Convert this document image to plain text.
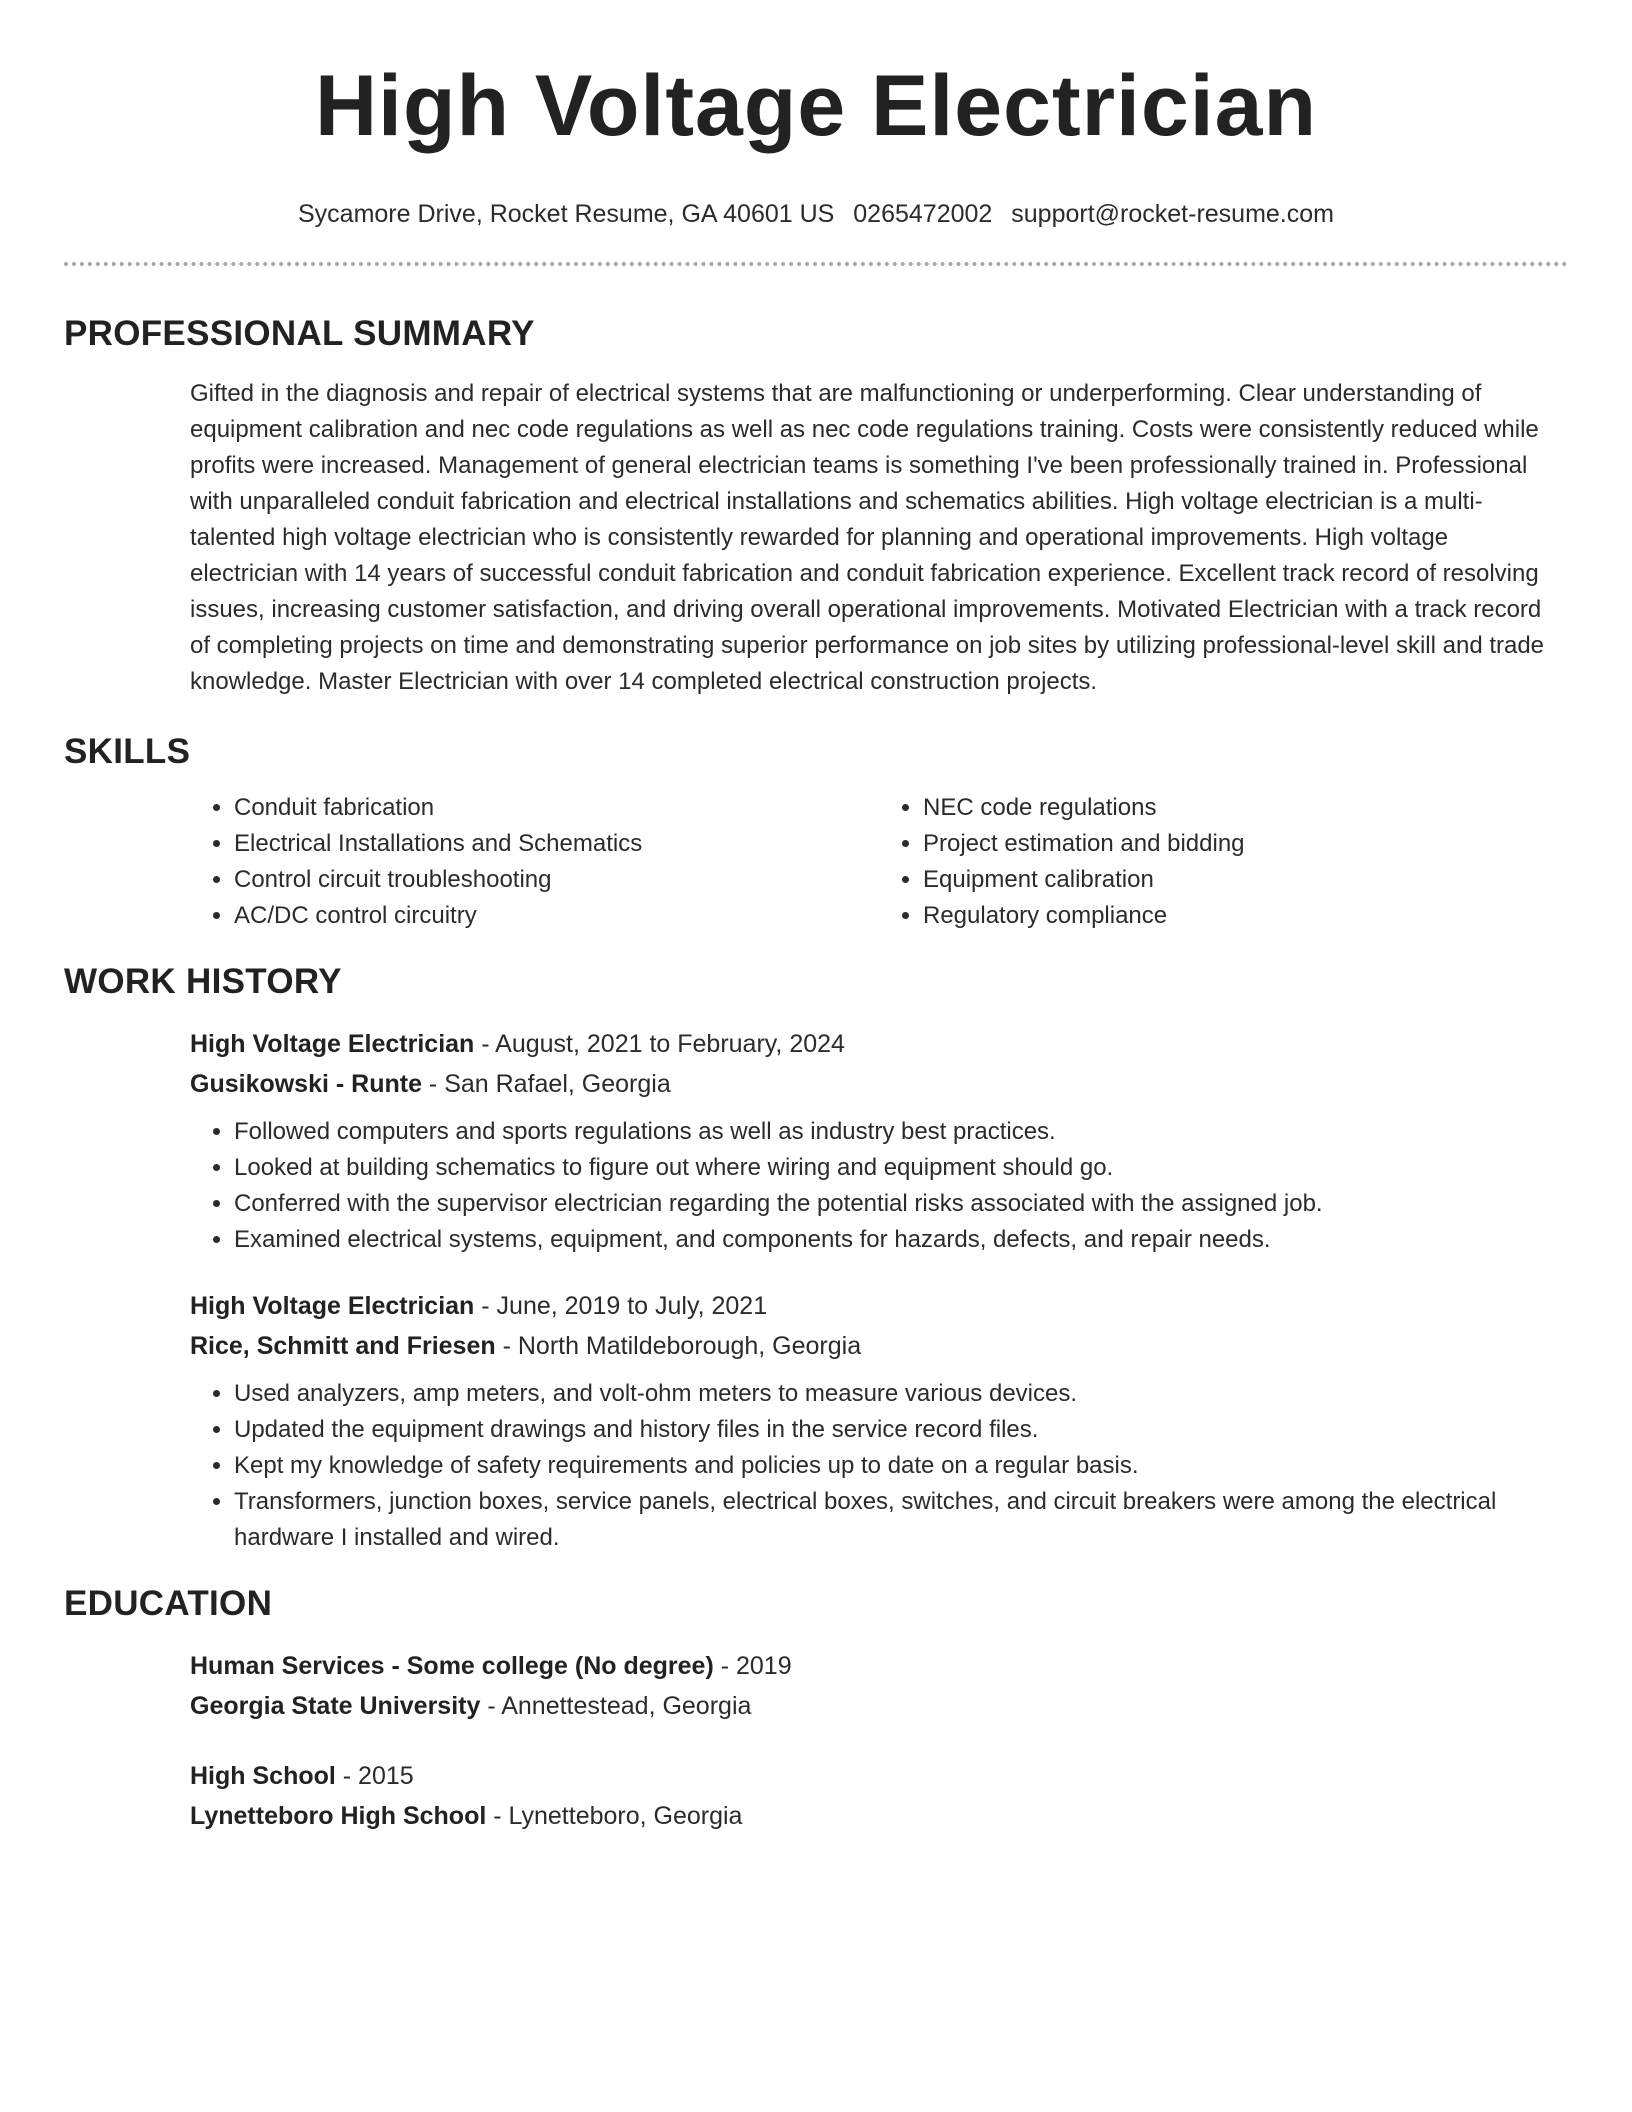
High Voltage Electrician
Sycamore Drive, Rocket Resume, GA 40601 US 0265472002 support@rocket-resume.com
PROFESSIONAL SUMMARY
Gifted in the diagnosis and repair of electrical systems that are malfunctioning or underperforming. Clear understanding of equipment calibration and nec code regulations as well as nec code regulations training. Costs were consistently reduced while profits were increased. Management of general electrician teams is something I've been professionally trained in. Professional with unparalleled conduit fabrication and electrical installations and schematics abilities. High voltage electrician is a multi-talented high voltage electrician who is consistently rewarded for planning and operational improvements. High voltage electrician with 14 years of successful conduit fabrication and conduit fabrication experience. Excellent track record of resolving issues, increasing customer satisfaction, and driving overall operational improvements. Motivated Electrician with a track record of completing projects on time and demonstrating superior performance on job sites by utilizing professional-level skill and trade knowledge. Master Electrician with over 14 completed electrical construction projects.
SKILLS
• Conduit fabrication
• Electrical Installations and Schematics
• Control circuit troubleshooting
• AC/DC control circuitry
• NEC code regulations
• Project estimation and bidding
• Equipment calibration
• Regulatory compliance
WORK HISTORY
High Voltage Electrician - August, 2021 to February, 2024
Gusikowski - Runte - San Rafael, Georgia
• Followed computers and sports regulations as well as industry best practices.
• Looked at building schematics to figure out where wiring and equipment should go.
• Conferred with the supervisor electrician regarding the potential risks associated with the assigned job.
• Examined electrical systems, equipment, and components for hazards, defects, and repair needs.
High Voltage Electrician - June, 2019 to July, 2021
Rice, Schmitt and Friesen - North Matildeborough, Georgia
• Used analyzers, amp meters, and volt-ohm meters to measure various devices.
• Updated the equipment drawings and history files in the service record files.
• Kept my knowledge of safety requirements and policies up to date on a regular basis.
• Transformers, junction boxes, service panels, electrical boxes, switches, and circuit breakers were among the electrical hardware I installed and wired.
EDUCATION
Human Services - Some college (No degree) - 2019
Georgia State University - Annettestead, Georgia
High School - 2015
Lynetteboro High School - Lynetteboro, Georgia
